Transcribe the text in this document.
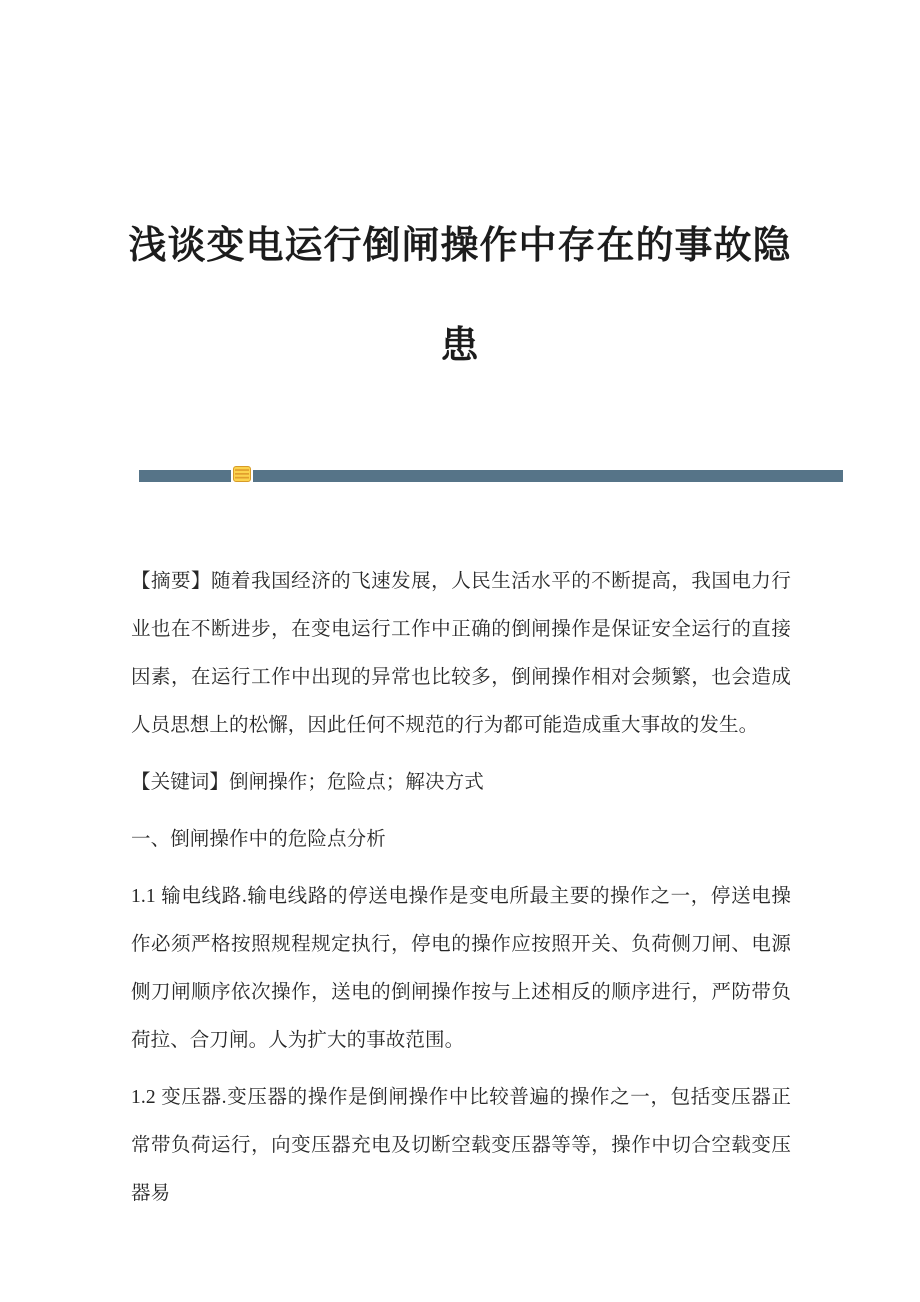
浅谈变电运行倒闸操作中存在的事故隐
患

【摘要】随着我国经济的飞速发展，人民生活水平的不断提高，我国电力行业也在不断进步，在变电运行工作中正确的倒闸操作是保证安全运行的直接因素，在运行工作中出现的异常也比较多，倒闸操作相对会频繁，也会造成人员思想上的松懈，因此任何不规范的行为都可能造成重大事故的发生。

【关键词】倒闸操作；危险点；解决方式

一、倒闸操作中的危险点分析

1.1 输电线路.输电线路的停送电操作是变电所最主要的操作之一，停送电操作必须严格按照规程规定执行，停电的操作应按照开关、负荷侧刀闸、电源侧刀闸顺序依次操作，送电的倒闸操作按与上述相反的顺序进行，严防带负荷拉、合刀闸。人为扩大的事故范围。

1.2 变压器.变压器的操作是倒闸操作中比较普遍的操作之一，包括变压器正常带负荷运行，向变压器充电及切断空载变压器等等，操作中切合空载变压器易
